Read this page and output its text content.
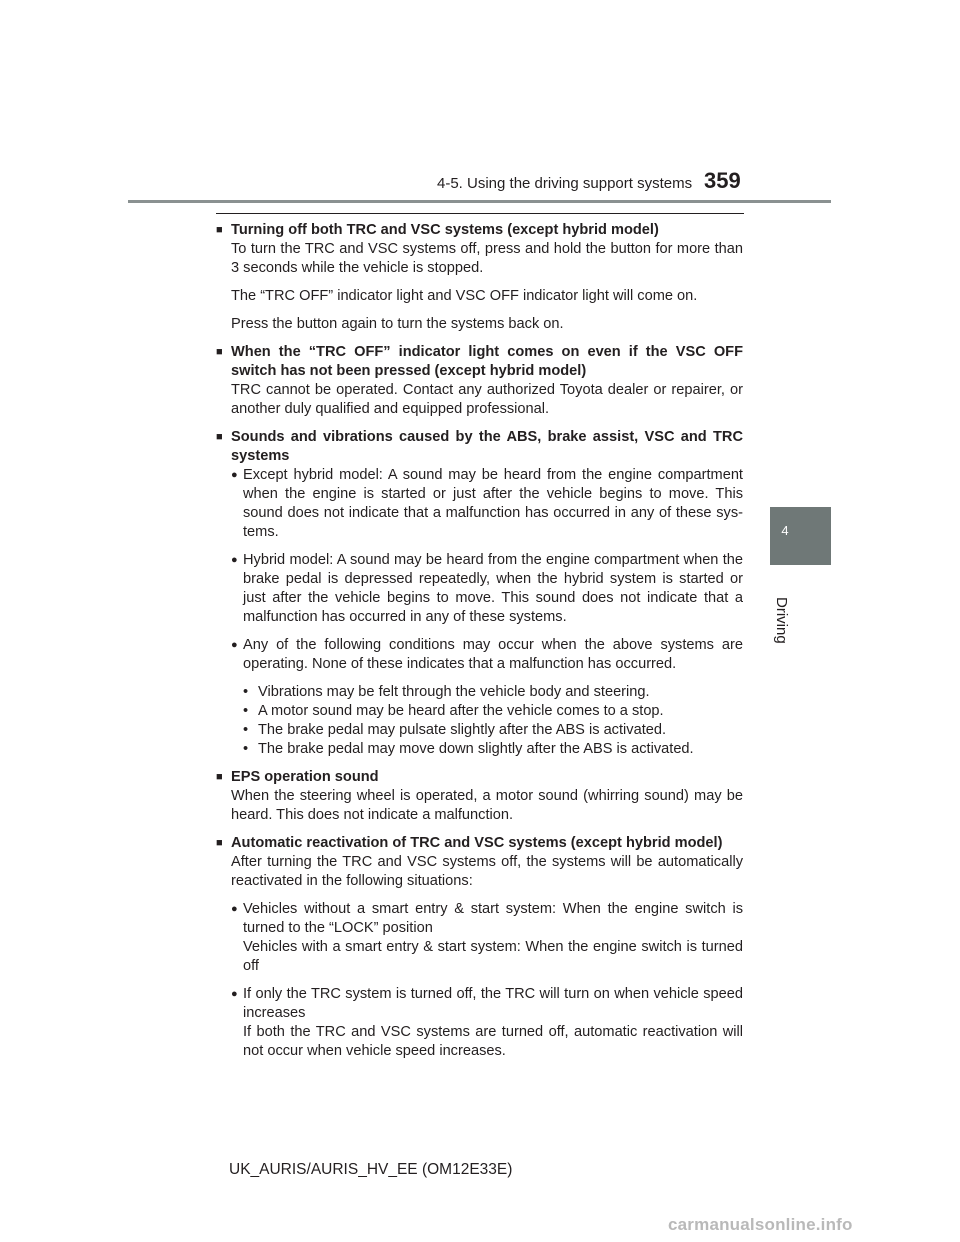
4-5. Using the driving support systems 359
4
Driving
■ Turning off both TRC and VSC systems (except hybrid model)

To turn the TRC and VSC systems off, press and hold the button for more than 3 seconds while the vehicle is stopped.

The “TRC OFF” indicator light and VSC OFF indicator light will come on.

Press the button again to turn the systems back on.

■ When the “TRC OFF” indicator light comes on even if the VSC OFF switch has not been pressed (except hybrid model)

TRC cannot be operated. Contact any authorized Toyota dealer or repairer, or another duly qualified and equipped professional.

■ Sounds and vibrations caused by the ABS, brake assist, VSC and TRC systems
● Except hybrid model: A sound may be heard from the engine compartment when the engine is started or just after the vehicle begins to move. This sound does not indicate that a malfunction has occurred in any of these sys-tems.
● Hybrid model: A sound may be heard from the engine compartment when the brake pedal is depressed repeatedly, when the hybrid system is started or just after the vehicle begins to move. This sound does not indicate that a malfunction has occurred in any of these systems.
● Any of the following conditions may occur when the above systems are operating. None of these indicates that a malfunction has occurred.
• Vibrations may be felt through the vehicle body and steering.
• A motor sound may be heard after the vehicle comes to a stop.
• The brake pedal may pulsate slightly after the ABS is activated.
• The brake pedal may move down slightly after the ABS is activated.
■ EPS operation sound

When the steering wheel is operated, a motor sound (whirring sound) may be heard. This does not indicate a malfunction.

■ Automatic reactivation of TRC and VSC systems (except hybrid model)

After turning the TRC and VSC systems off, the systems will be automatically reactivated in the following situations:

● Vehicles without a smart entry & start system: When the engine switch is turned to the “LOCK” position
Vehicles with a smart entry & start system: When the engine switch is turned off
● If only the TRC system is turned off, the TRC will turn on when vehicle speed increases
If both the TRC and VSC systems are turned off, automatic reactivation will not occur when vehicle speed increases.
UK_AURIS/AURIS_HV_EE (OM12E33E)
carmanualsonline.info
